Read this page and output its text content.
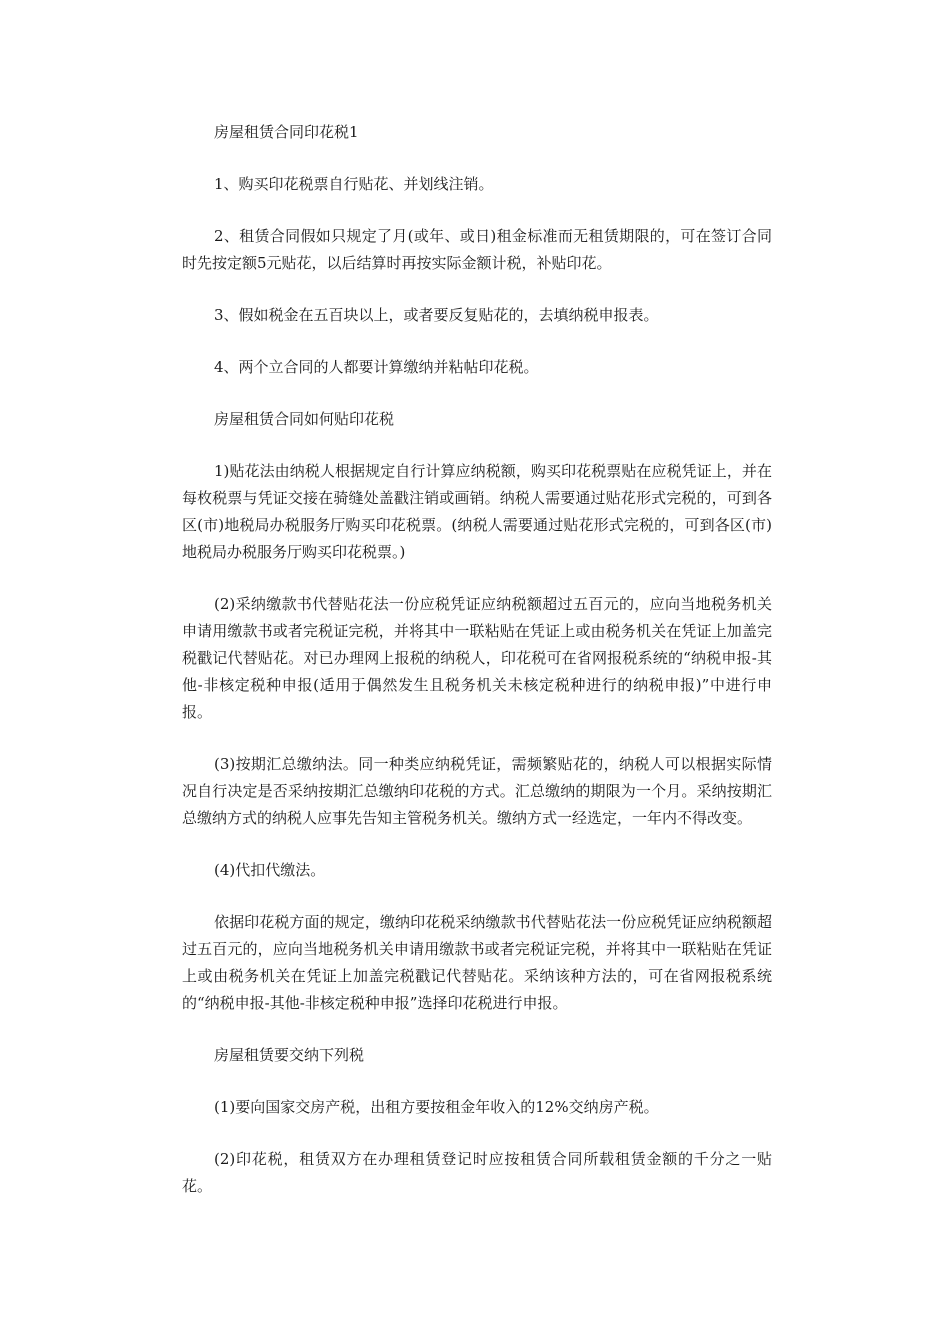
房屋租赁合同印花税1

1、购买印花税票自行贴花、并划线注销。

2、租赁合同假如只规定了月(或年、或日)租金标准而无租赁期限的，可在签订合同时先按定额5元贴花，以后结算时再按实际金额计税，补贴印花。

3、假如税金在五百块以上，或者要反复贴花的，去填纳税申报表。

4、两个立合同的人都要计算缴纳并粘帖印花税。

房屋租赁合同如何贴印花税

1)贴花法由纳税人根据规定自行计算应纳税额，购买印花税票贴在应税凭证上，并在每枚税票与凭证交接在骑缝处盖戳注销或画销。纳税人需要通过贴花形式完税的，可到各区(市)地税局办税服务厅购买印花税票。(纳税人需要通过贴花形式完税的，可到各区(市)地税局办税服务厅购买印花税票。)

(2)采纳缴款书代替贴花法一份应税凭证应纳税额超过五百元的，应向当地税务机关申请用缴款书或者完税证完税，并将其中一联粘贴在凭证上或由税务机关在凭证上加盖完税戳记代替贴花。对已办理网上报税的纳税人，印花税可在省网报税系统的“纳税申报-其他-非核定税种申报(适用于偶然发生且税务机关未核定税种进行的纳税申报)”中进行申报。

(3)按期汇总缴纳法。同一种类应纳税凭证，需频繁贴花的，纳税人可以根据实际情况自行决定是否采纳按期汇总缴纳印花税的方式。汇总缴纳的期限为一个月。采纳按期汇总缴纳方式的纳税人应事先告知主管税务机关。缴纳方式一经选定，一年内不得改变。

(4)代扣代缴法。

依据印花税方面的规定，缴纳印花税采纳缴款书代替贴花法一份应税凭证应纳税额超过五百元的，应向当地税务机关申请用缴款书或者完税证完税，并将其中一联粘贴在凭证上或由税务机关在凭证上加盖完税戳记代替贴花。采纳该种方法的，可在省网报税系统的“纳税申报-其他-非核定税种申报”选择印花税进行申报。

房屋租赁要交纳下列税

(1)要向国家交房产税，出租方要按租金年收入的12%交纳房产税。

(2)印花税，租赁双方在办理租赁登记时应按租赁合同所载租赁金额的千分之一贴花。
